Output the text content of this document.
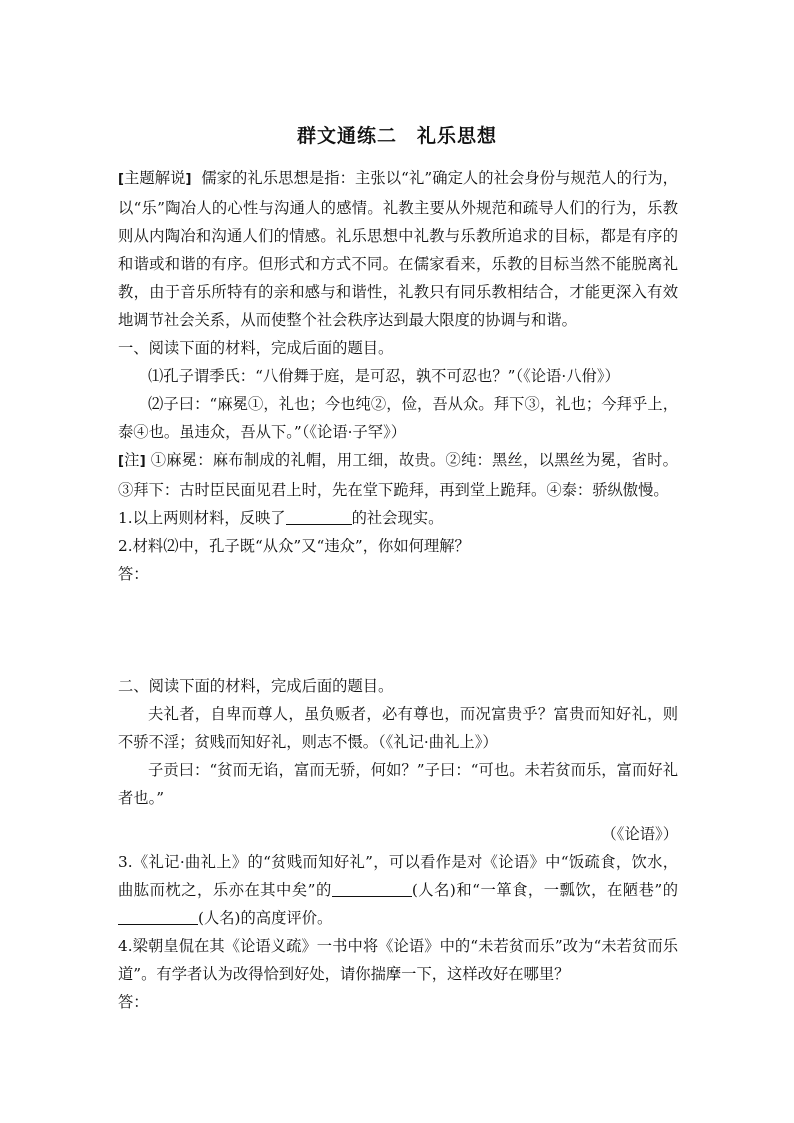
群文通练二　礼乐思想

[主题解说] 儒家的礼乐思想是指：主张以“礼”确定人的社会身份与规范人的行为，以“乐”陶冶人的心性与沟通人的感情。礼教主要从外规范和疏导人们的行为，乐教则从内陶冶和沟通人们的情感。礼乐思想中礼教与乐教所追求的目标，都是有序的和谐或和谐的有序。但形式和方式不同。在儒家看来，乐教的目标当然不能脱离礼教，由于音乐所特有的亲和感与和谐性，礼教只有同乐教相结合，才能更深入有效地调节社会关系，从而使整个社会秩序达到最大限度的协调与和谐。

一、阅读下面的材料，完成后面的题目。

⑴孔子谓季氏：“八佾舞于庭，是可忍，孰不可忍也？”（《论语·八佾》）

⑵子曰：“麻冕①，礼也；今也纯②，俭，吾从众。拜下③，礼也；今拜乎上，泰④也。虽违众，吾从下。”（《论语·子罕》）

[注] ①麻冕：麻布制成的礼帽，用工细，故贵。②纯：黑丝，以黑丝为冕，省时。③拜下：古时臣民面见君上时，先在堂下跪拜，再到堂上跪拜。④泰：骄纵傲慢。

1.以上两则材料，反映了	的社会现实。

2.材料⑵中，孔子既“从众”又“违众”，你如何理解？

答：

二、阅读下面的材料，完成后面的题目。

夫礼者，自卑而尊人，虽负贩者，必有尊也，而况富贵乎？富贵而知好礼，则不骄不淫；贫贱而知好礼，则志不慑。（《礼记·曲礼上》）

子贡曰：“贫而无谄，富而无骄，何如？”子曰：“可也。未若贫而乐，富而好礼者也。”

（《论语》）

3.《礼记·曲礼上》的“贫贱而知好礼”，可以看作是对《论语》中“饭疏食，饮水，曲肱而枕之，乐亦在其中矣”的	(人名)和“一箪食，一瓢饮，在陋巷”的(人名)的高度评价。

4.梁朝皇侃在其《论语义疏》一书中将《论语》中的“未若贫而乐”改为“未若贫而乐道”。有学者认为改得恰到好处，请你揣摩一下，这样改好在哪里？

答：
